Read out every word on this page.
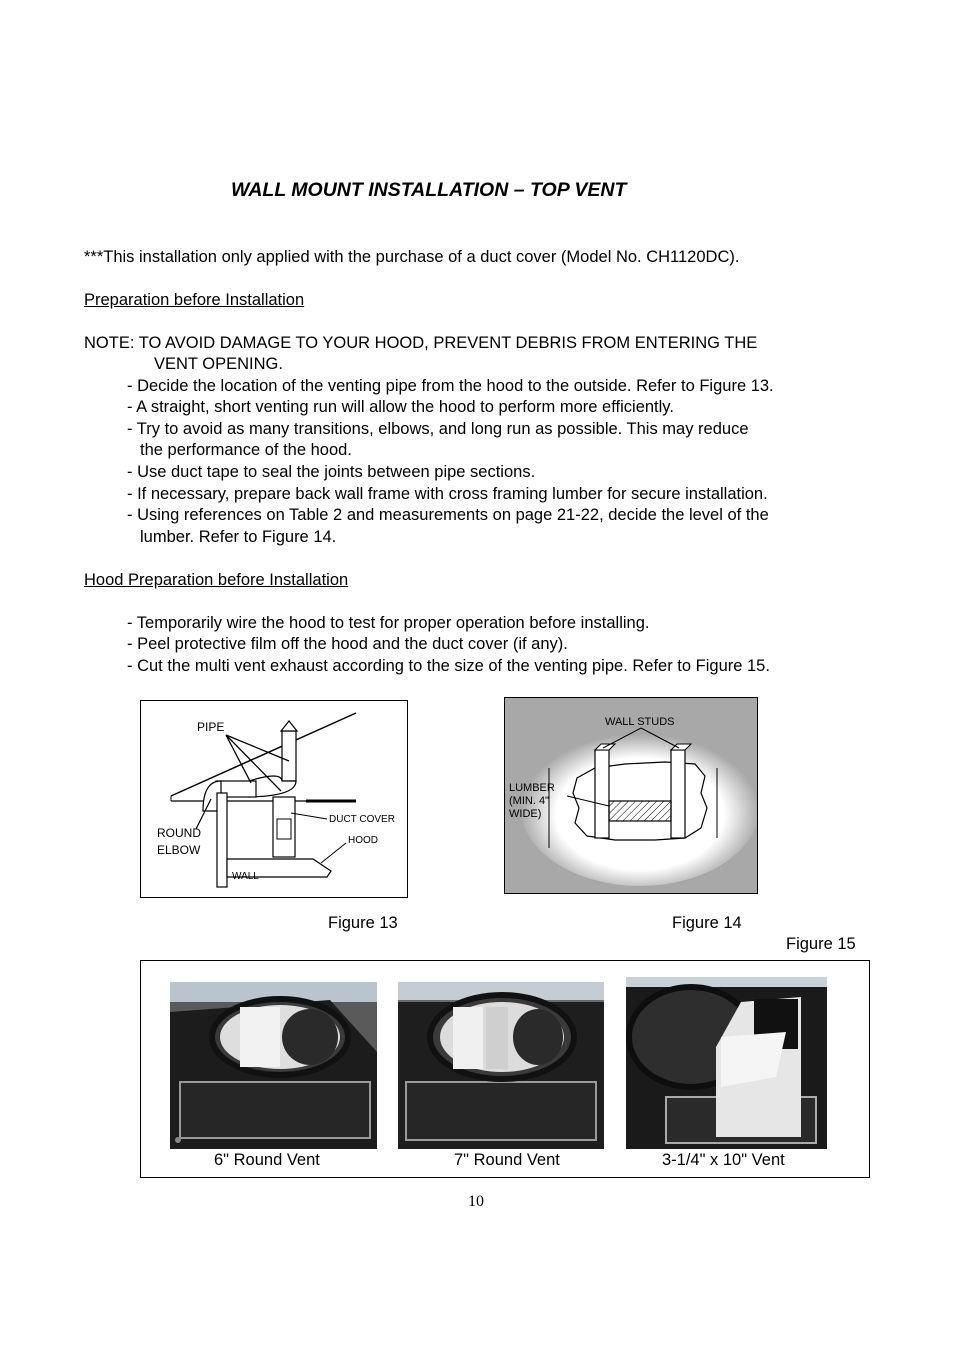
WALL MOUNT INSTALLATION – TOP VENT
***This installation only applied with the purchase of a duct cover (Model No. CH1120DC).
Preparation before Installation
NOTE: TO AVOID DAMAGE TO YOUR HOOD, PREVENT DEBRIS FROM ENTERING THE
VENT OPENING.
- Decide the location of the venting pipe from the hood to the outside. Refer to Figure 13.
- A straight, short venting run will allow the hood to perform more efficiently.
- Try to avoid as many transitions, elbows, and long run as possible. This may reduce
the performance of the hood.
- Use duct tape to seal the joints between pipe sections.
- If necessary, prepare back wall frame with cross framing lumber for secure installation.
- Using references on Table 2 and measurements on page 21-22, decide the level of the
lumber. Refer to Figure 14.
Hood Preparation before Installation
- Temporarily wire the hood to test for proper operation before installing.
- Peel protective film off the hood and the duct cover (if any).
- Cut the multi vent exhaust according to the size of the venting pipe. Refer to Figure 15.
PIPE
ROUND
ELBOW
DUCT COVER
HOOD
WALL
WALL STUDS
LUMBER
(MIN. 4"
WIDE)
Figure 13	Figure 14
Figure 15
6" Round Vent	7" Round Vent	3-1/4" x 10" Vent
10
